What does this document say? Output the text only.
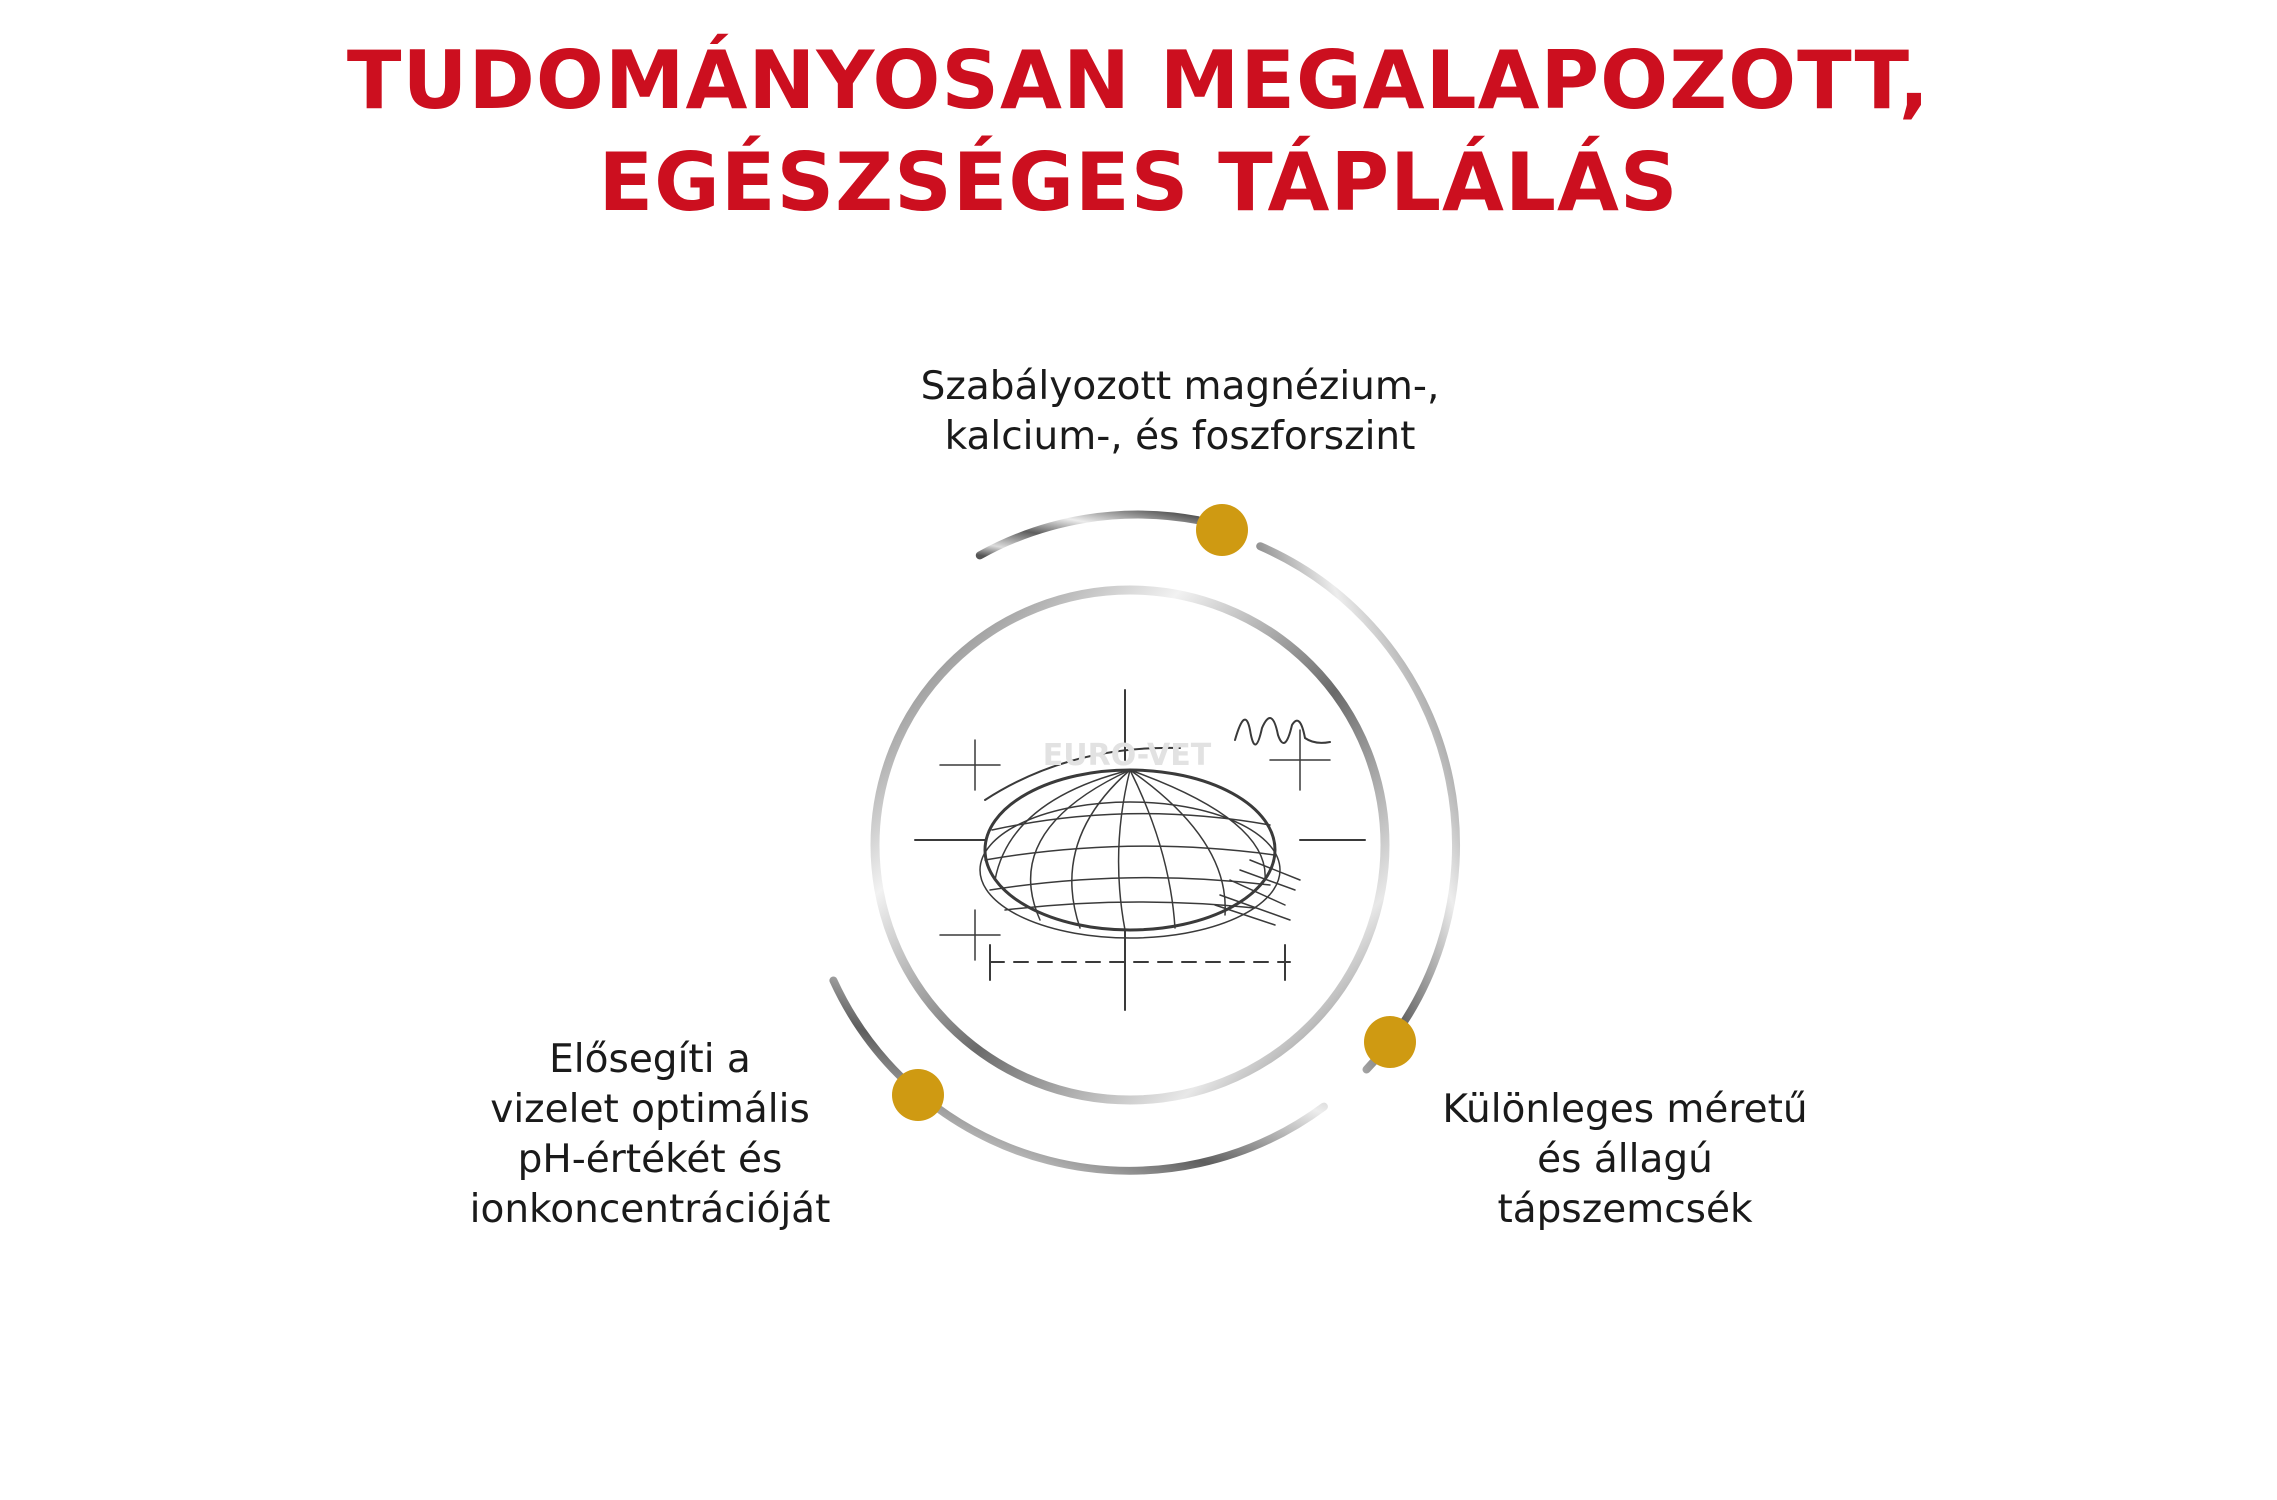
TUDOMÁNYOSAN MEGALAPOZOTT,
EGÉSZSÉGES TÁPLÁLÁS
EURO-VET
Szabályozott magnézium-,
kalcium-, és foszforszint
Elősegíti a
vizelet optimális
pH-értékét és
ionkoncentrációját
Különleges méretű
és állagú
tápszemcsék
